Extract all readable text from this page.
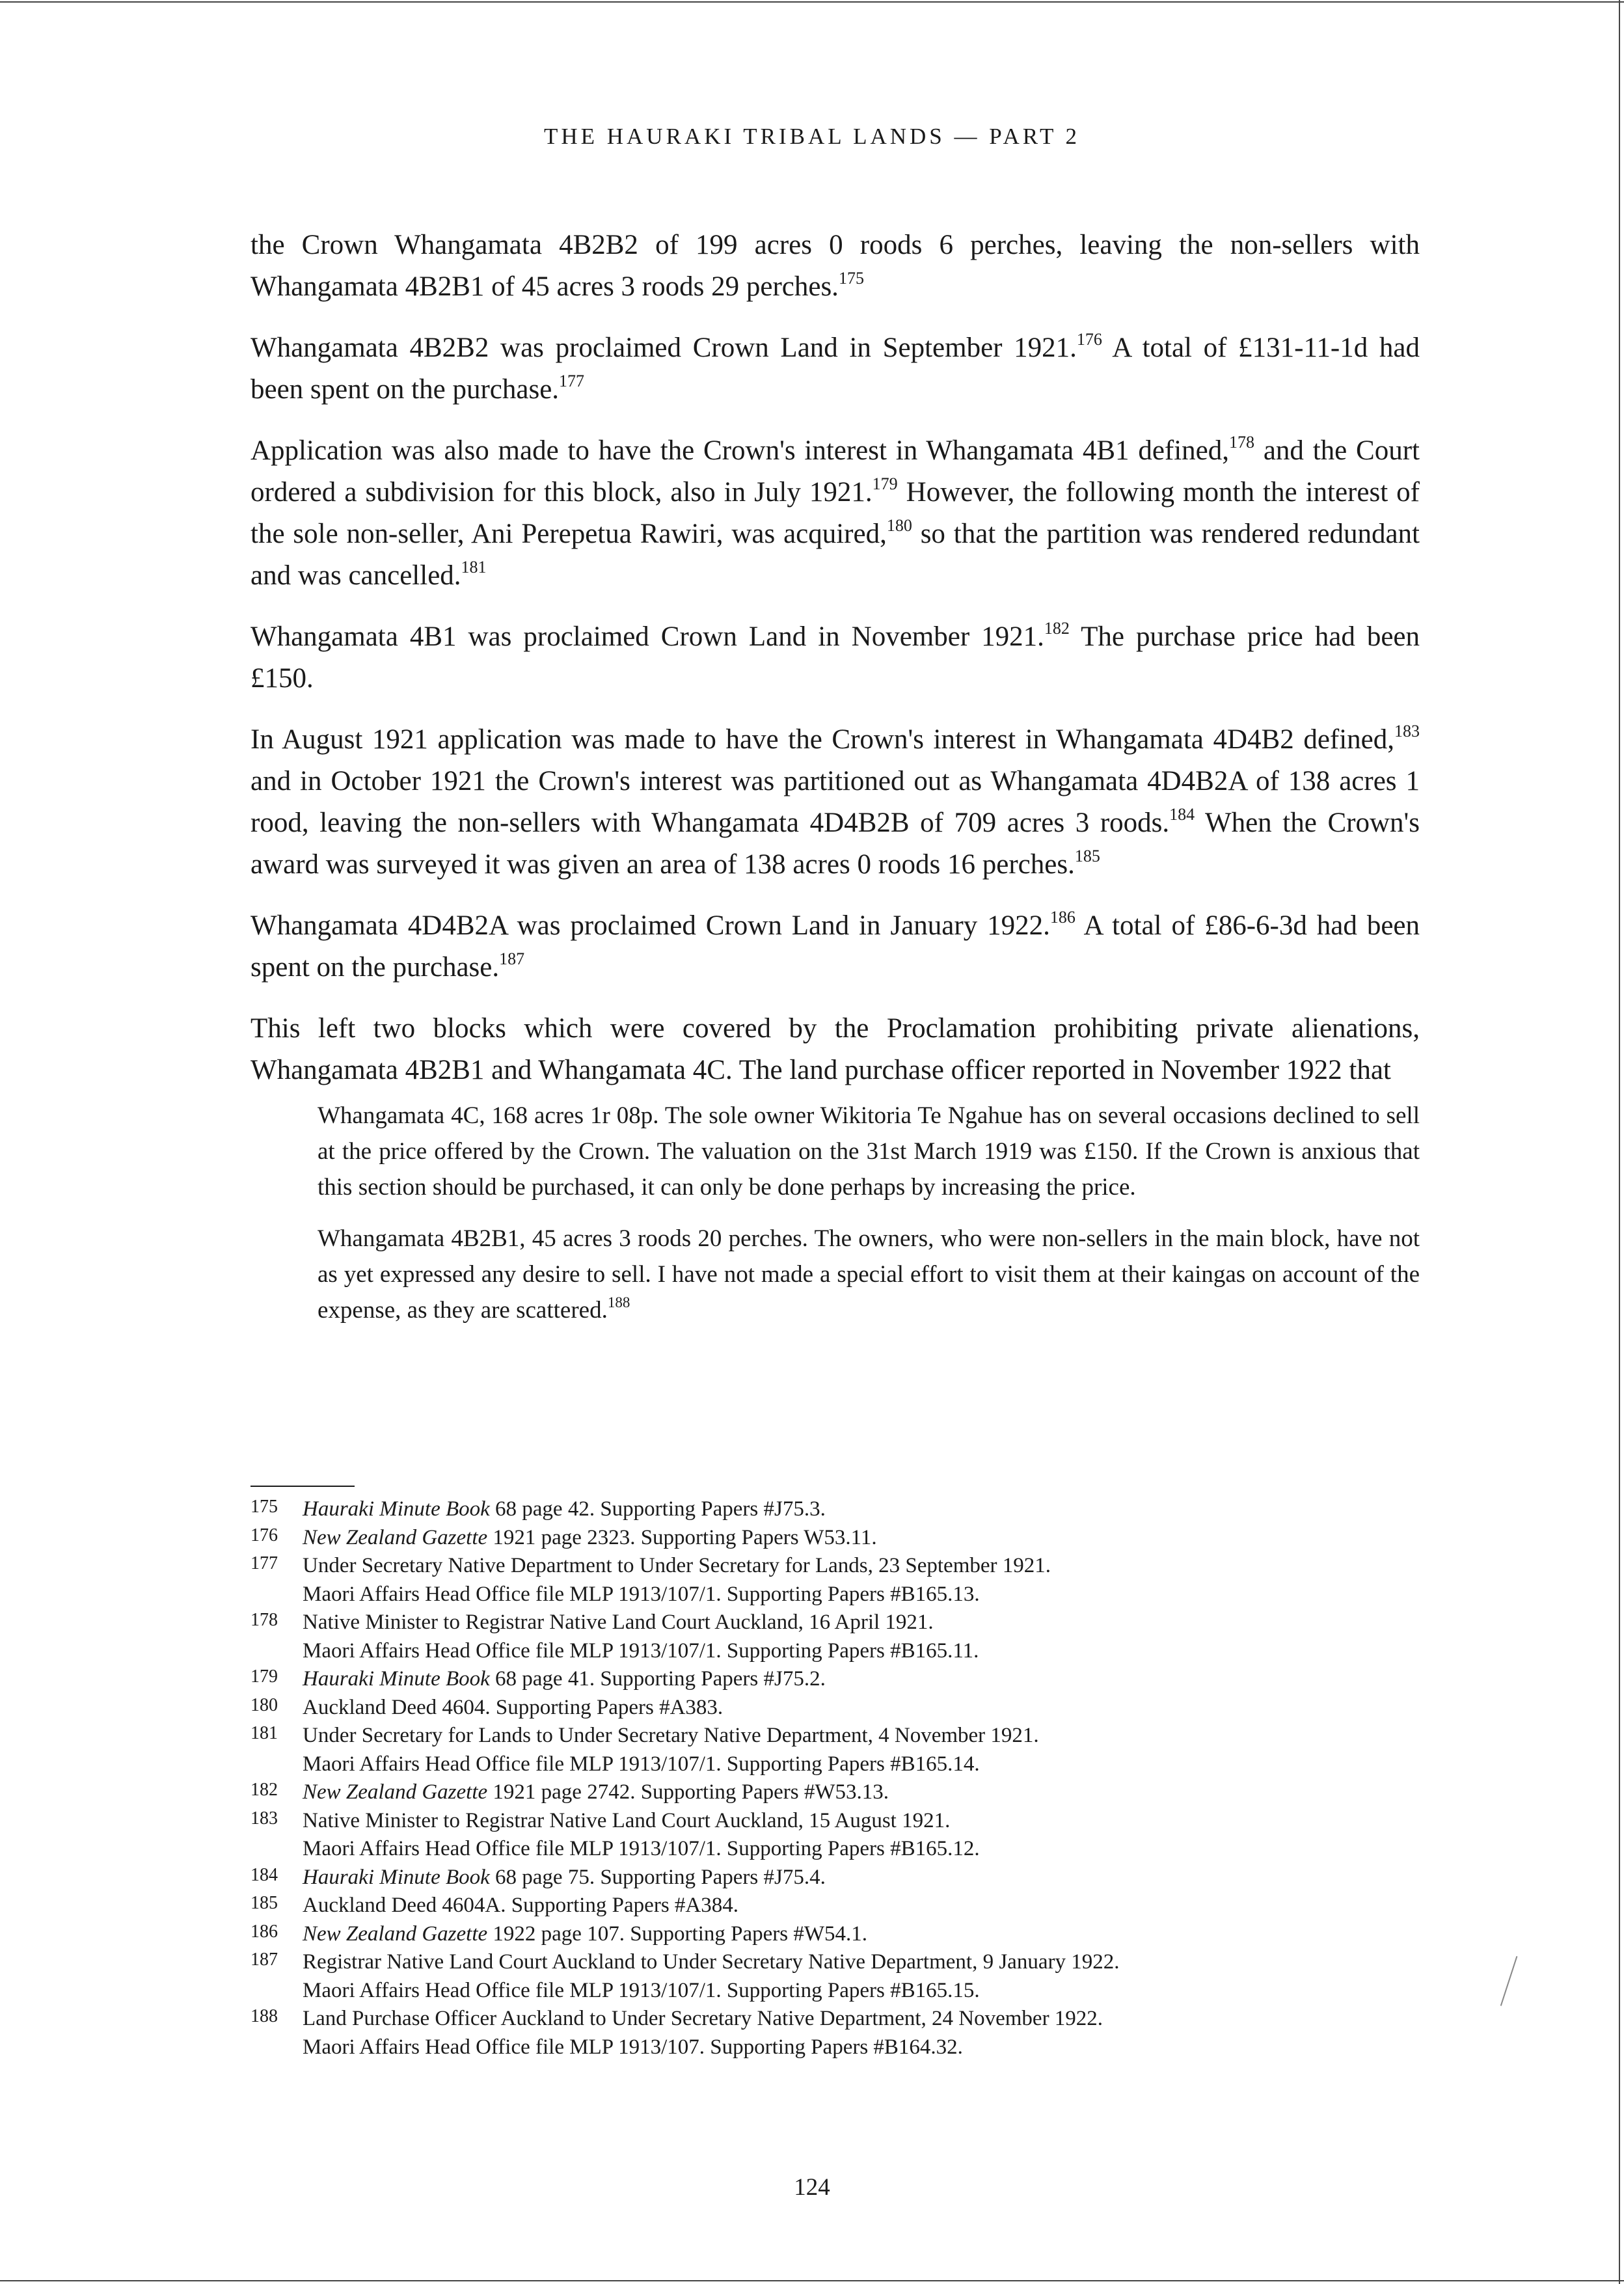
THE HAURAKI TRIBAL LANDS — PART 2

the Crown Whangamata 4B2B2 of 199 acres 0 roods 6 perches, leaving the non-sellers with Whangamata 4B2B1 of 45 acres 3 roods 29 perches.$^{175}$

Whangamata 4B2B2 was proclaimed Crown Land in September 1921.$^{176}$ A total of £131-11-1d had been spent on the purchase.$^{177}$

Application was also made to have the Crown's interest in Whangamata 4B1 defined,$^{178}$ and the Court ordered a subdivision for this block, also in July 1921.$^{179}$ However, the following month the interest of the sole non-seller, Ani Perepetua Rawiri, was acquired,$^{180}$ so that the partition was rendered redundant and was cancelled.$^{181}$

Whangamata 4B1 was proclaimed Crown Land in November 1921.$^{182}$ The purchase price had been £150.

In August 1921 application was made to have the Crown's interest in Whangamata 4D4B2 defined,$^{183}$ and in October 1921 the Crown's interest was partitioned out as Whangamata 4D4B2A of 138 acres 1 rood, leaving the non-sellers with Whangamata 4D4B2B of 709 acres 3 roods.$^{184}$ When the Crown's award was surveyed it was given an area of 138 acres 0 roods 16 perches.$^{185}$

Whangamata 4D4B2A was proclaimed Crown Land in January 1922.$^{186}$ A total of £86-6-3d had been spent on the purchase.$^{187}$

This left two blocks which were covered by the Proclamation prohibiting private alienations, Whangamata 4B2B1 and Whangamata 4C. The land purchase officer reported in November 1922 that

Whangamata 4C, 168 acres 1r 08p. The sole owner Wikitoria Te Ngahue has on several occasions declined to sell at the price offered by the Crown. The valuation on the 31st March 1919 was £150. If the Crown is anxious that this section should be purchased, it can only be done perhaps by increasing the price.

Whangamata 4B2B1, 45 acres 3 roods 20 perches. The owners, who were non-sellers in the main block, have not as yet expressed any desire to sell. I have not made a special effort to visit them at their kaingas on account of the expense, as they are scattered.$^{188}$

175	Hauraki Minute Book 68 page 42. Supporting Papers #J75.3.
176	New Zealand Gazette 1921 page 2323. Supporting Papers W53.11.
177	Under Secretary Native Department to Under Secretary for Lands, 23 September 1921.
Maori Affairs Head Office file MLP 1913/107/1. Supporting Papers #B165.13.
178	Native Minister to Registrar Native Land Court Auckland, 16 April 1921.
Maori Affairs Head Office file MLP 1913/107/1. Supporting Papers #B165.11.
179	Hauraki Minute Book 68 page 41. Supporting Papers #J75.2.
180	Auckland Deed 4604. Supporting Papers #A383.
181	Under Secretary for Lands to Under Secretary Native Department, 4 November 1921.
Maori Affairs Head Office file MLP 1913/107/1. Supporting Papers #B165.14.
182	New Zealand Gazette 1921 page 2742. Supporting Papers #W53.13.
183	Native Minister to Registrar Native Land Court Auckland, 15 August 1921.
Maori Affairs Head Office file MLP 1913/107/1. Supporting Papers #B165.12.
184	Hauraki Minute Book 68 page 75. Supporting Papers #J75.4.
185	Auckland Deed 4604A. Supporting Papers #A384.
186	New Zealand Gazette 1922 page 107. Supporting Papers #W54.1.
187	Registrar Native Land Court Auckland to Under Secretary Native Department, 9 January 1922.
Maori Affairs Head Office file MLP 1913/107/1. Supporting Papers #B165.15.
188	Land Purchase Officer Auckland to Under Secretary Native Department, 24 November 1922.
Maori Affairs Head Office file MLP 1913/107. Supporting Papers #B164.32.
124
